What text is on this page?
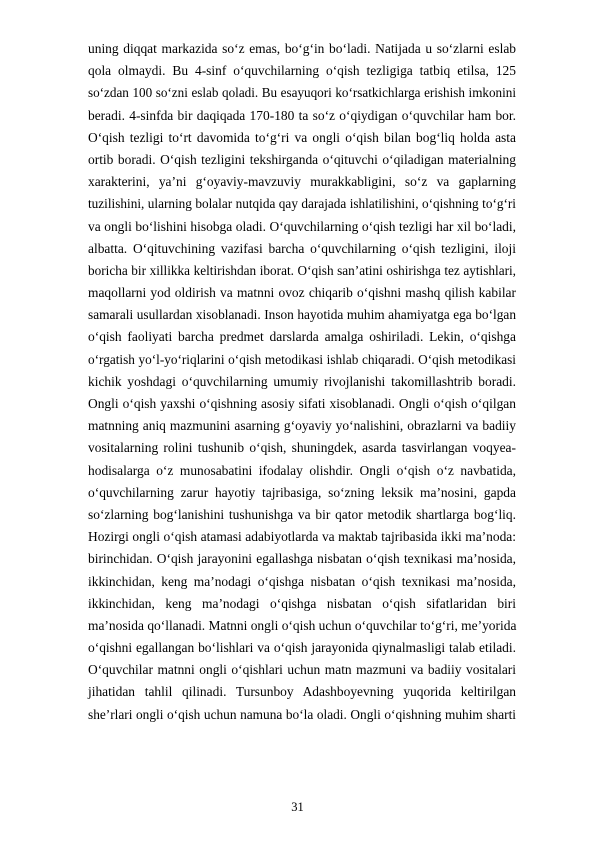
uning diqqat markazida soʻz emas, boʻgʻin boʻladi. Natijada u soʻzlarni eslab
qola olmaydi. Bu 4-sinf oʻquvchilarning oʻqish tezligiga tatbiq etilsa, 125
soʻzdan 100 soʻzni eslab qoladi. Bu esayuqori koʻrsatkichlarga erishish imkonini
beradi. 4-sinfda bir daqiqada 170-180 ta soʻz oʻqiydigan oʻquvchilar ham bor.
Oʻqish tezligi toʻrt davomida toʻgʻri va ongli oʻqish bilan bogʻliq holda asta
ortib boradi. Oʻqish tezligini tekshirganda oʻqituvchi oʻqiladigan materialning
xarakterini, ya’ni gʻoyaviy-mavzuviy murakkabligini, soʻz va gaplarning
tuzilishini, ularning bolalar nutqida qay darajada ishlatilishini, oʻqishning toʻgʻri
va ongli boʻlishini hisobga oladi. Oʻquvchilarning oʻqish tezligi har xil boʻladi,
albatta. Oʻqituvchining vazifasi barcha oʻquvchilarning oʻqish tezligini, iloji
boricha bir xillikka keltirishdan iborat. Oʻqish san’atini oshirishga tez aytishlari,
maqollarni yod oldirish va matnni ovoz chiqarib oʻqishni mashq qilish kabilar
samarali usullardan xisoblanadi. Inson hayotida muhim ahamiyatga ega boʻlgan
oʻqish faoliyati barcha predmet darslarda amalga oshiriladi. Lekin, oʻqishga
oʻrgatish yoʻl-yoʻriqlarini oʻqish metodikasi ishlab chiqaradi. Oʻqish metodikasi
kichik yoshdagi oʻquvchilarning umumiy rivojlanishi takomillashtrib boradi.
Ongli oʻqish yaxshi oʻqishning asosiy sifati xisoblanadi. Ongli oʻqish oʻqilgan
matnning aniq mazmunini asarning gʻoyaviy yoʻnalishini, obrazlarni va badiiy
vositalarning rolini tushunib oʻqish, shuningdek, asarda tasvirlangan voqyea-
hodisalarga oʻz munosabatini ifodalay olishdir. Ongli oʻqish oʻz navbatida,
oʻquvchilarning zarur hayotiy tajribasiga, soʻzning leksik ma’nosini, gapda
soʻzlarning bogʻlanishini tushunishga va bir qator metodik shartlarga bogʻliq.
Hozirgi ongli oʻqish atamasi adabiyotlarda va maktab tajribasida ikki ma’noda:
birinchidan. Oʻqish jarayonini egallashga nisbatan oʻqish texnikasi ma’nosida,
ikkinchidan, keng ma’nodagi oʻqishga nisbatan oʻqish texnikasi ma’nosida,
ikkinchidan, keng ma’nodagi oʻqishga nisbatan oʻqish sifatlaridan biri
ma’nosida qoʻllanadi. Matnni ongli oʻqish uchun oʻquvchilar toʻgʻri, me’yorida
oʻqishni egallangan boʻlishlari va oʻqish jarayonida qiynalmasligi talab etiladi.
Oʻquvchilar matnni ongli oʻqishlari uchun matn mazmuni va badiiy vositalari
jihatidan tahlil qilinadi. Tursunboy Adashboyevning yuqorida keltirilgan
she’rlari ongli oʻqish uchun namuna boʻla oladi. Ongli oʻqishning muhim sharti
31
